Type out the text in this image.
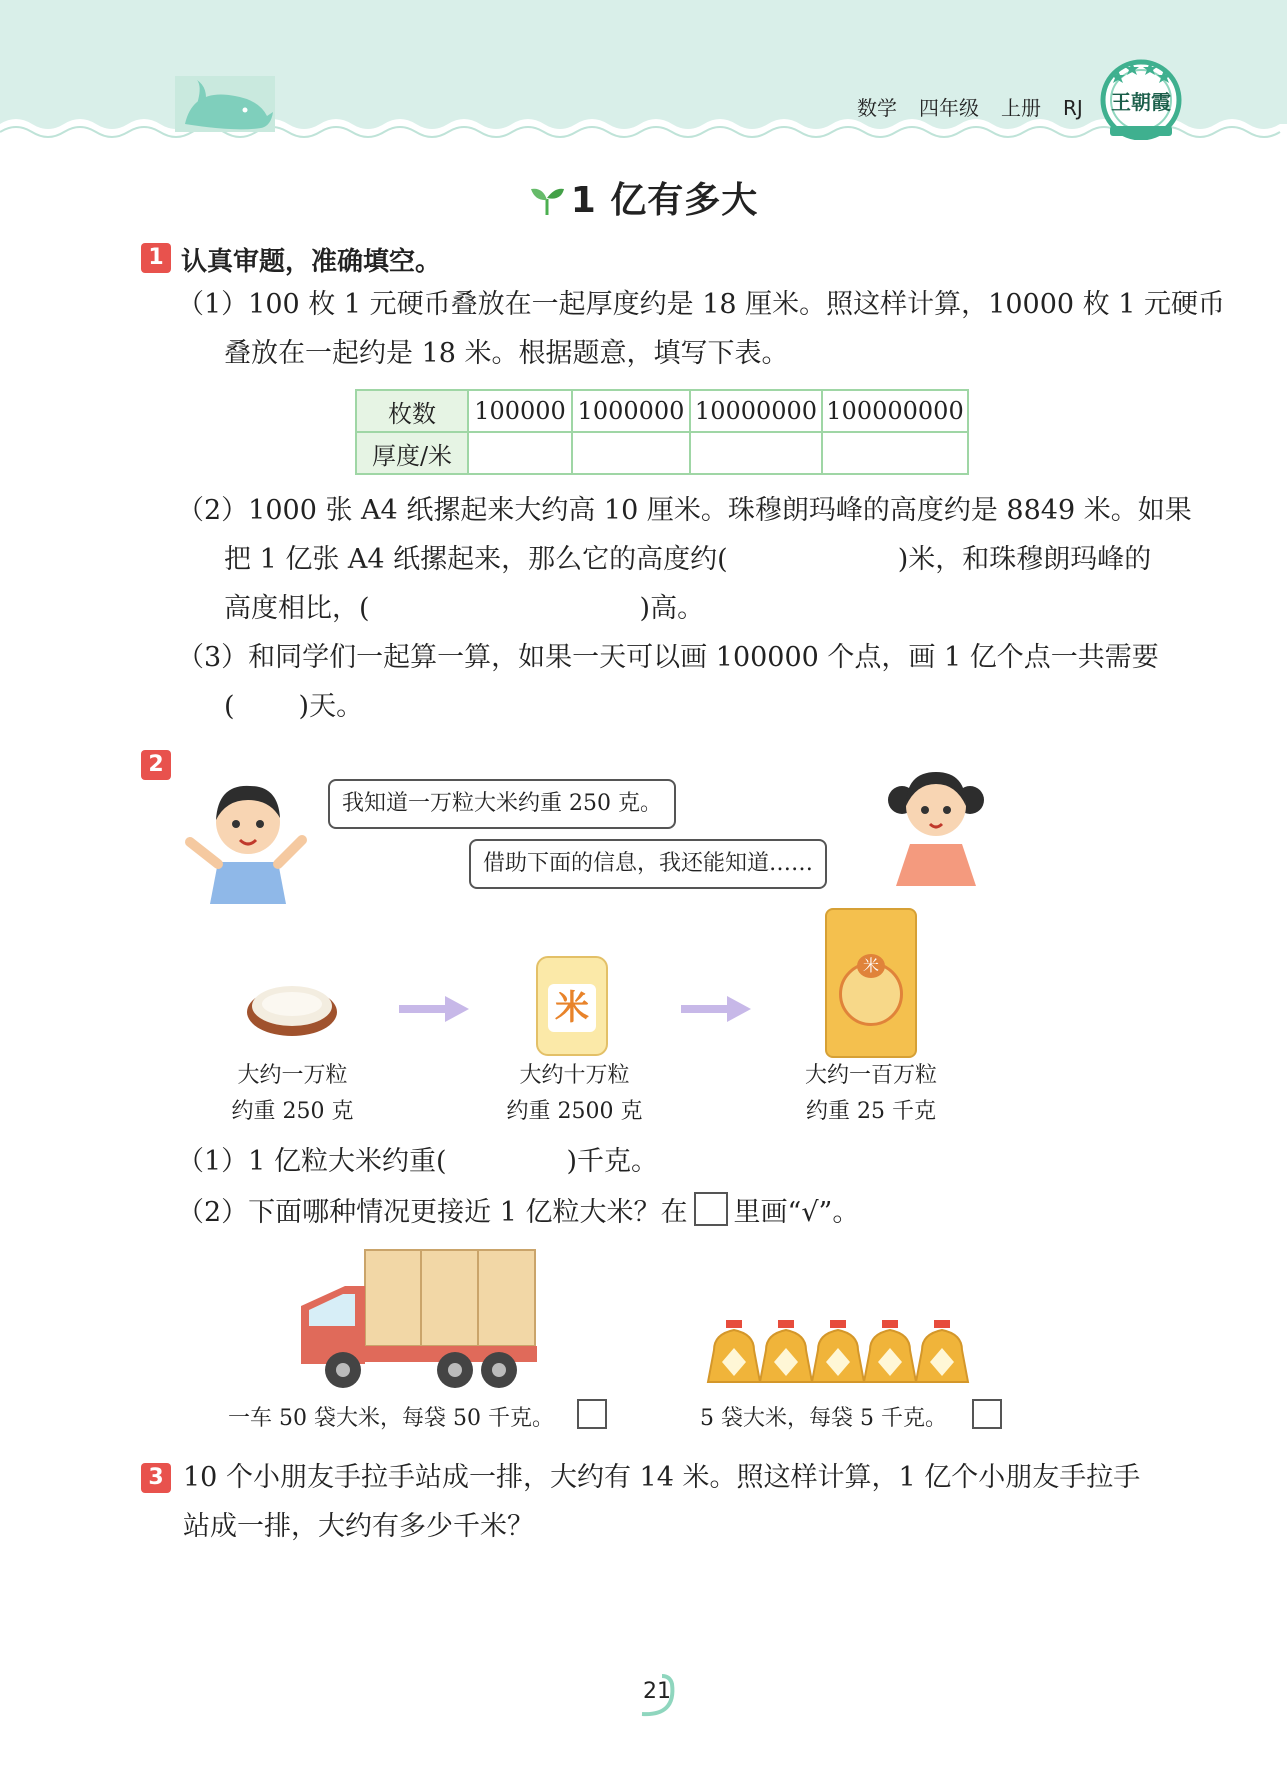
数学 四年级 上册 RJ	王朝霞
1 亿有多大
1 认真审题，准确填空。
（1）100 枚 1 元硬币叠放在一起厚度约是 18 厘米。照这样计算，10000 枚 1 元硬币
叠放在一起约是 18 米。根据题意，填写下表。
枚数	100000	1000000	10000000	100000000
厚度/米				
（2）1000 张 A4 纸摞起来大约高 10 厘米。珠穆朗玛峰的高度约是 8849 米。如果
把 1 亿张 A4 纸摞起来，那么它的高度约(	)米，和珠穆朗玛峰的
高度相比，(	)高。
（3）和同学们一起算一算，如果一天可以画 100000 个点，画 1 亿个点一共需要
( )天。
2
我知道一万粒大米约重 250 克。
借助下面的信息，我还能知道……
米
米
大约一万粒
约重 250 克
大约十万粒
约重 2500 克
大约一百万粒
约重 25 千克
（1）1 亿粒大米约重(	)千克。
（2）下面哪种情况更接近 1 亿粒大米？在 里画“√”。
一车 50 袋大米，每袋 50 千克。	5 袋大米，每袋 5 千克。
3 10 个小朋友手拉手站成一排，大约有 14 米。照这样计算，1 亿个小朋友手拉手
站成一排，大约有多少千米？
21
